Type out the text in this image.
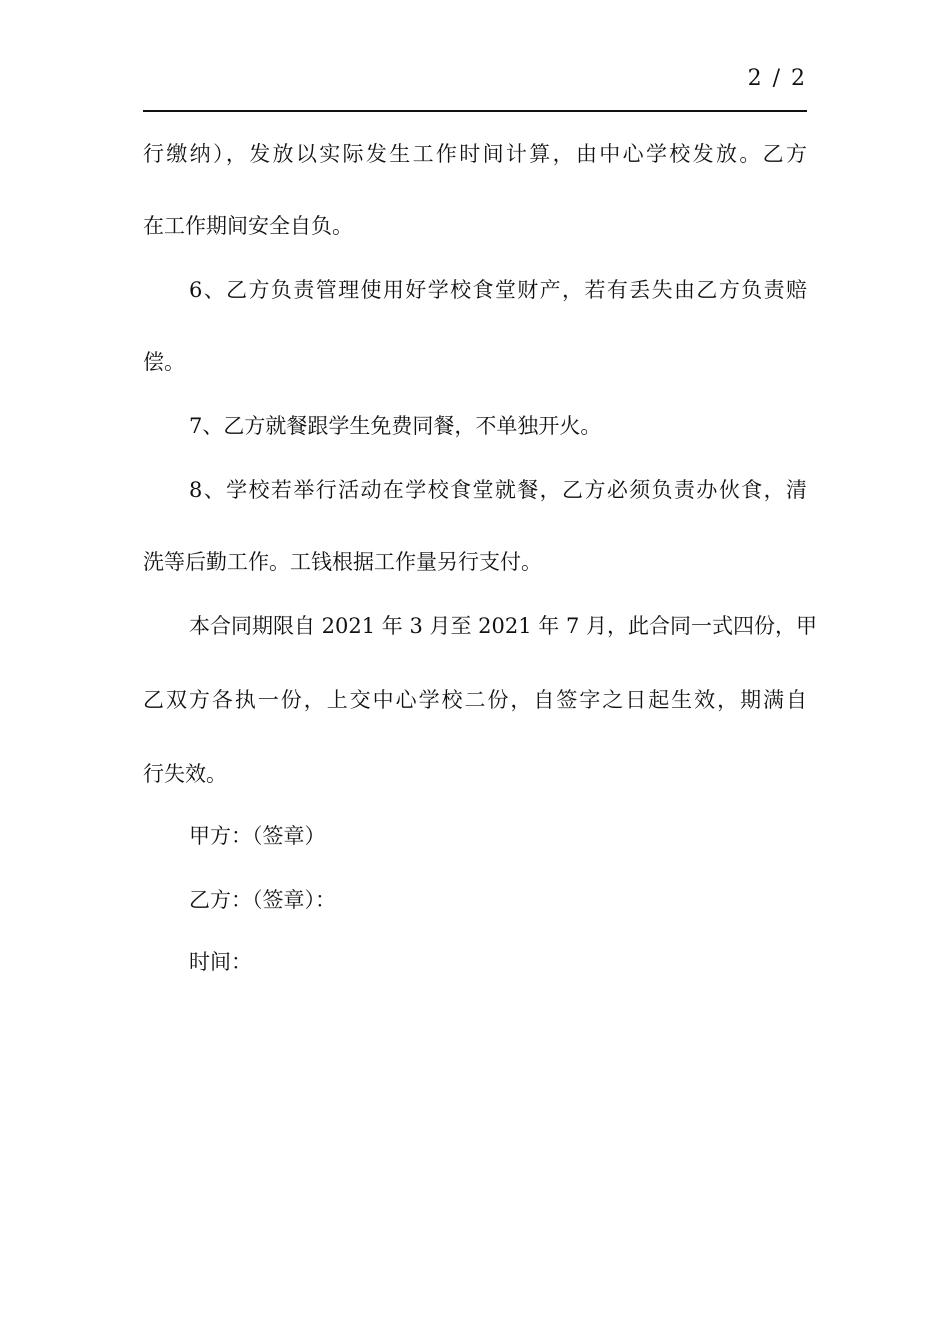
2 / 2
行缴纳），发放以实际发生工作时间计算，由中心学校发放。乙方
在工作期间安全自负。
6、乙方负责管理使用好学校食堂财产，若有丢失由乙方负责赔
偿。
7、乙方就餐跟学生免费同餐，不单独开火。
8、学校若举行活动在学校食堂就餐，乙方必须负责办伙食，清
洗等后勤工作。工钱根据工作量另行支付。
本合同期限自 2021 年 3 月至 2021 年 7 月，此合同一式四份，甲
乙双方各执一份，上交中心学校二份，自签字之日起生效，期满自
行失效。
甲方：（签章）
乙方：（签章）：
时间：
